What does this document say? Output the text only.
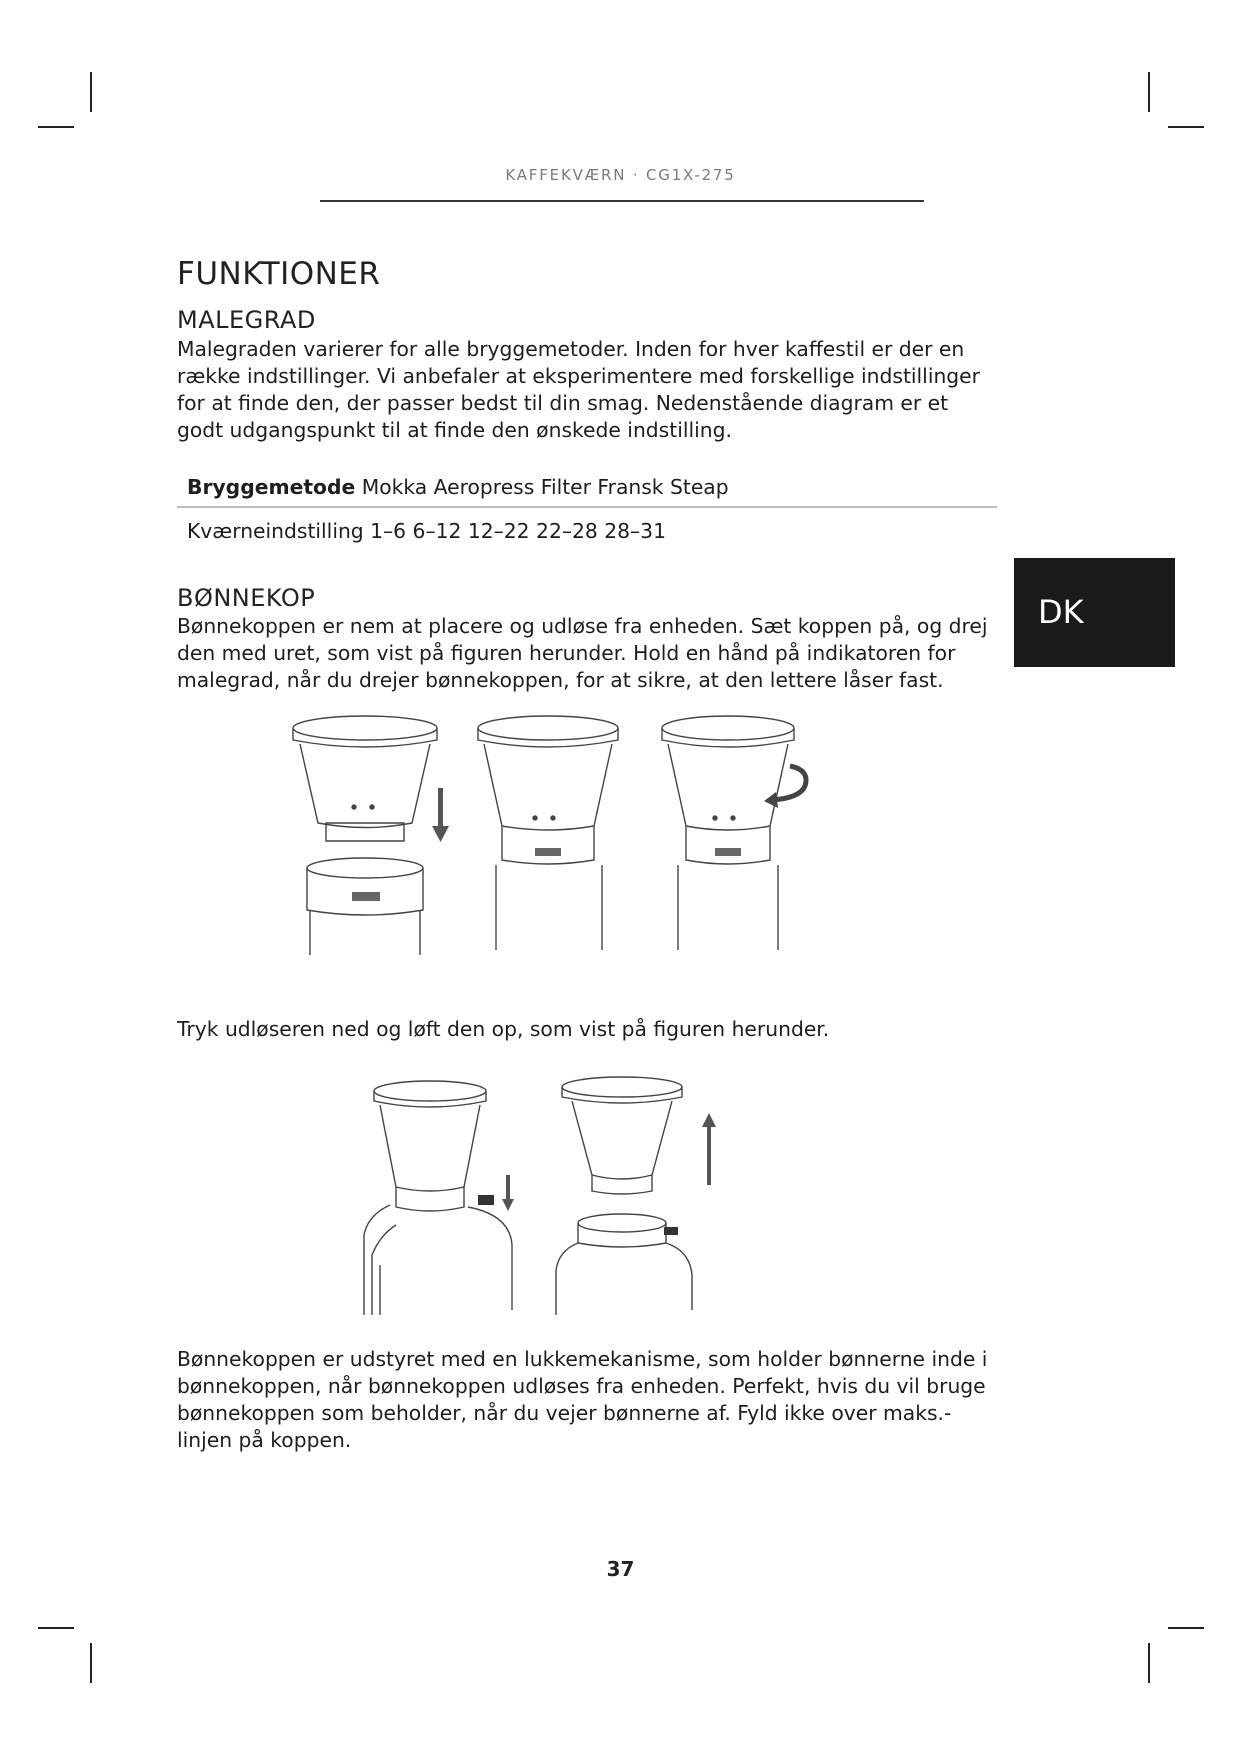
KAFFEKVÆRN · CG1X-275
FUNKTIONER
MALEGRAD

Malegraden varierer for alle bryggemetoder. Inden for hver kaffestil er der en række indstillinger. Vi anbefaler at eksperimentere med forskellige indstillinger for at finde den, der passer bedst til din smag. Nedenstående diagram er et godt udgangspunkt til at finde den ønskede indstilling.

Bryggemetode Mokka Aeropress Filter Fransk Steap
Kværneindstilling 1–6 6–12 12–22 22–28 28–31
DK
BØNNEKOP

Bønnekoppen er nem at placere og udløse fra enheden. Sæt koppen på, og drej den med uret, som vist på figuren herunder. Hold en hånd på indikatoren for malegrad, når du drejer bønnekoppen, for at sikre, at den lettere låser fast.

Tryk udløseren ned og løft den op, som vist på figuren herunder.

Bønnekoppen er udstyret med en lukkemekanisme, som holder bønnerne inde i bønnekoppen, når bønnekoppen udløses fra enheden. Perfekt, hvis du vil bruge bønnekoppen som beholder, når du vejer bønnerne af. Fyld ikke over maks.-linjen på koppen.

37
